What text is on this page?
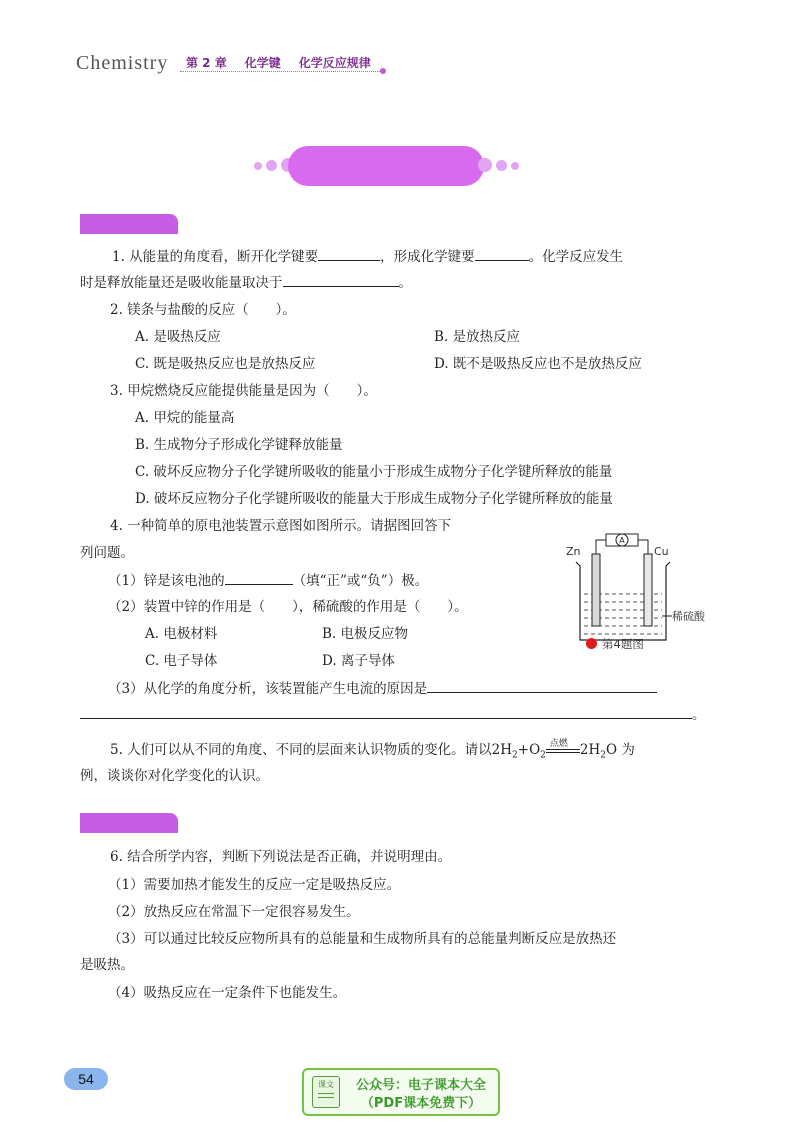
Chemistry 第 2 章 化学键 化学反应规律
1. 从能量的角度看，断开化学键要	，形成化学键要	。化学反应发生
时是释放能量还是吸收能量取决于	。
2. 镁条与盐酸的反应（　　）。
A. 是吸热反应	B. 是放热反应
C. 既是吸热反应也是放热反应	D. 既不是吸热反应也不是放热反应
3. 甲烷燃烧反应能提供能量是因为（　　）。
A. 甲烷的能量高
B. 生成物分子形成化学键释放能量
C. 破坏反应物分子化学键所吸收的能量小于形成生成物分子化学键所释放的能量
D. 破坏反应物分子化学键所吸收的能量大于形成生成物分子化学键所释放的能量
4. 一种简单的原电池装置示意图如图所示。请据图回答下
列问题。
（1）锌是该电池的	（填“正”或“负”）极。
（2）装置中锌的作用是（　　），稀硫酸的作用是（　　）。
A. 电极材料	B. 电极反应物
C. 电子导体	D. 离子导体
（3）从化学的角度分析，该装置能产生电流的原因是
。
A
Zn	Cu
稀硫酸
第4题图
5. 人们可以从不同的角度、不同的层面来认识物质的变化。请以$2H_2+O_2$
点燃 $2H_2O$ 为
例，谈谈你对化学变化的认识。
6. 结合所学内容，判断下列说法是否正确，并说明理由。
（1）需要加热才能发生的反应一定是吸热反应。
（2）放热反应在常温下一定很容易发生。
（3）可以通过比较反应物所具有的总能量和生成物所具有的总能量判断反应是放热还
是吸热。
（4）吸热反应在一定条件下也能发生。
54	课文	公众号：电子课本大全
（PDF课本免费下）
